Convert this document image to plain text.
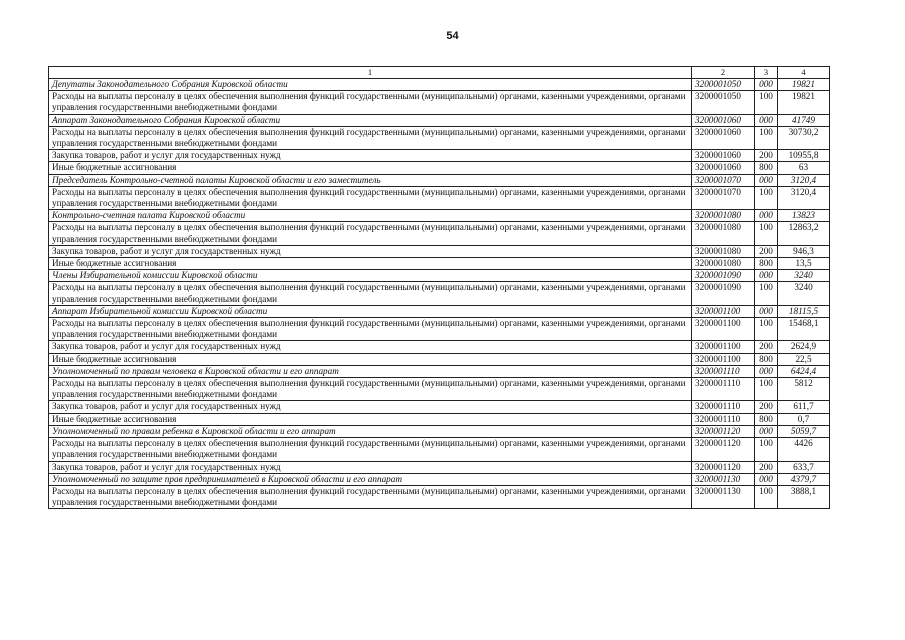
54
1	2	3	4
Депутаты Законодательного Собрания Кировской области	3200001050	000	19821
Расходы на выплаты персоналу в целях обеспечения выполнения функций государственными (муниципальными) органами, казенными учреждениями, органами управления государственными внебюджетными фондами	3200001050	100	19821
Аппарат Законодательного Собрания Кировской области	3200001060	000	41749
Расходы на выплаты персоналу в целях обеспечения выполнения функций государственными (муниципальными) органами, казенными учреждениями, органами управления государственными внебюджетными фондами	3200001060	100	30730,2
Закупка товаров, работ и услуг для государственных нужд	3200001060	200	10955,8
Иные бюджетные ассигнования	3200001060	800	63
Председатель Контрольно-счетной палаты Кировской области и его заместитель	3200001070	000	3120,4
Расходы на выплаты персоналу в целях обеспечения выполнения функций государственными (муниципальными) органами, казенными учреждениями, органами управления государственными внебюджетными фондами	3200001070	100	3120,4
Контрольно-счетная палата Кировской области	3200001080	000	13823
Расходы на выплаты персоналу в целях обеспечения выполнения функций государственными (муниципальными) органами, казенными учреждениями, органами управления государственными внебюджетными фондами	3200001080	100	12863,2
Закупка товаров, работ и услуг для государственных нужд	3200001080	200	946,3
Иные бюджетные ассигнования	3200001080	800	13,5
Члены Избирательной комиссии Кировской области	3200001090	000	3240
Расходы на выплаты персоналу в целях обеспечения выполнения функций государственными (муниципальными) органами, казенными учреждениями, органами управления государственными внебюджетными фондами	3200001090	100	3240
Аппарат Избирательной комиссии Кировской области	3200001100	000	18115,5
Расходы на выплаты персоналу в целях обеспечения выполнения функций государственными (муниципальными) органами, казенными учреждениями, органами управления государственными внебюджетными фондами	3200001100	100	15468,1
Закупка товаров, работ и услуг для государственных нужд	3200001100	200	2624,9
Иные бюджетные ассигнования	3200001100	800	22,5
Уполномоченный по правам человека в Кировской области и его аппарат	3200001110	000	6424,4
Расходы на выплаты персоналу в целях обеспечения выполнения функций государственными (муниципальными) органами, казенными учреждениями, органами управления государственными внебюджетными фондами	3200001110	100	5812
Закупка товаров, работ и услуг для государственных нужд	3200001110	200	611,7
Иные бюджетные ассигнования	3200001110	800	0,7
Уполномоченный по правам ребенка в Кировской области и его аппарат	3200001120	000	5059,7
Расходы на выплаты персоналу в целях обеспечения выполнения функций государственными (муниципальными) органами, казенными учреждениями, органами управления государственными внебюджетными фондами	3200001120	100	4426
Закупка товаров, работ и услуг для государственных нужд	3200001120	200	633,7
Уполномоченный по защите прав предпринимателей в Кировской области и его аппарат	3200001130	000	4379,7
Расходы на выплаты персоналу в целях обеспечения выполнения функций государственными (муниципальными) органами, казенными учреждениями, органами управления государственными внебюджетными фондами	3200001130	100	3888,1
